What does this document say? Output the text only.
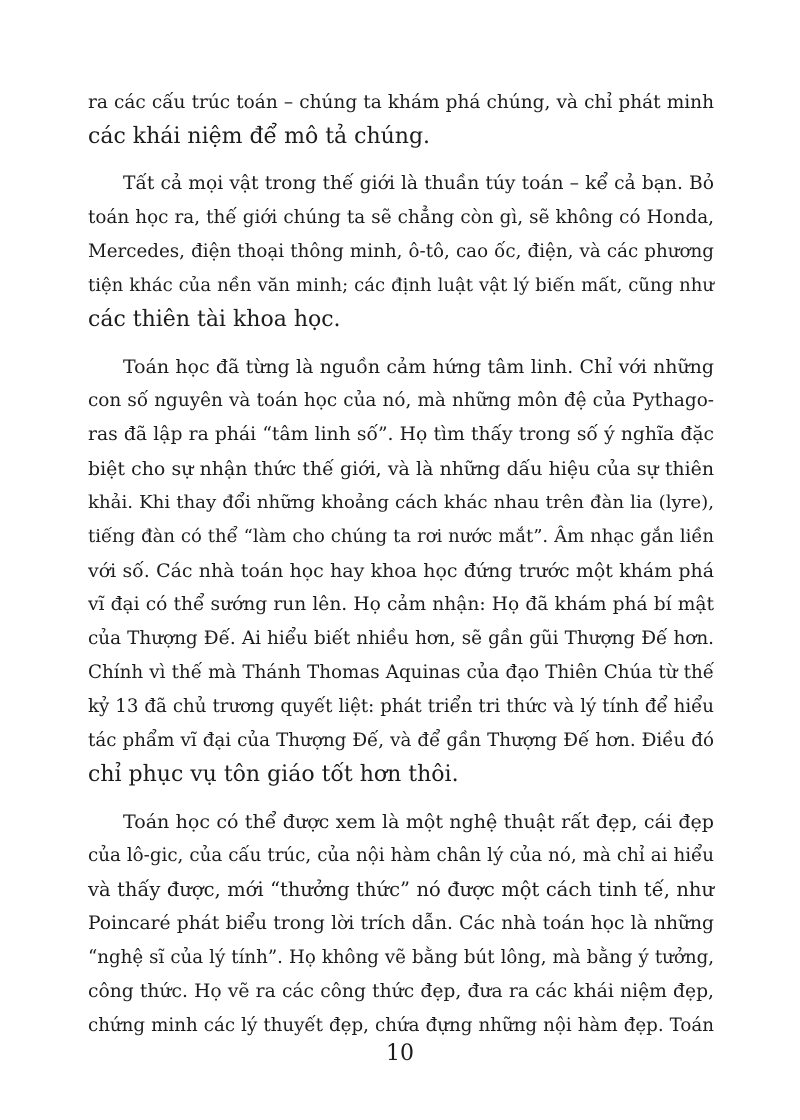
ra các cấu trúc toán – chúng ta khám phá chúng, và chỉ phát minh
các khái niệm để mô tả chúng.
Tất cả mọi vật trong thế giới là thuần túy toán – kể cả bạn. Bỏ
toán học ra, thế giới chúng ta sẽ chẳng còn gì, sẽ không có Honda,
Mercedes, điện thoại thông minh, ô-tô, cao ốc, điện, và các phương
tiện khác của nền văn minh; các định luật vật lý biến mất, cũng như
các thiên tài khoa học.
Toán học đã từng là nguồn cảm hứng tâm linh. Chỉ với những
con số nguyên và toán học của nó, mà những môn đệ của Pythago-
ras đã lập ra phái “tâm linh số”. Họ tìm thấy trong số ý nghĩa đặc
biệt cho sự nhận thức thế giới, và là những dấu hiệu của sự thiên
khải. Khi thay đổi những khoảng cách khác nhau trên đàn lia (lyre),
tiếng đàn có thể “làm cho chúng ta rơi nước mắt”. Âm nhạc gắn liền
với số. Các nhà toán học hay khoa học đứng trước một khám phá
vĩ đại có thể sướng run lên. Họ cảm nhận: Họ đã khám phá bí mật
của Thượng Đế. Ai hiểu biết nhiều hơn, sẽ gần gũi Thượng Đế hơn.
Chính vì thế mà Thánh Thomas Aquinas của đạo Thiên Chúa từ thế
kỷ 13 đã chủ trương quyết liệt: phát triển tri thức và lý tính để hiểu
tác phẩm vĩ đại của Thượng Đế, và để gần Thượng Đế hơn. Điều đó
chỉ phục vụ tôn giáo tốt hơn thôi.
Toán học có thể được xem là một nghệ thuật rất đẹp, cái đẹp
của lô-gic, của cấu trúc, của nội hàm chân lý của nó, mà chỉ ai hiểu
và thấy được, mới “thưởng thức” nó được một cách tinh tế, như
Poincaré phát biểu trong lời trích dẫn. Các nhà toán học là những
“nghệ sĩ của lý tính”. Họ không vẽ bằng bút lông, mà bằng ý tưởng,
công thức. Họ vẽ ra các công thức đẹp, đưa ra các khái niệm đẹp,
chứng minh các lý thuyết đẹp, chứa đựng những nội hàm đẹp. Toán
10
